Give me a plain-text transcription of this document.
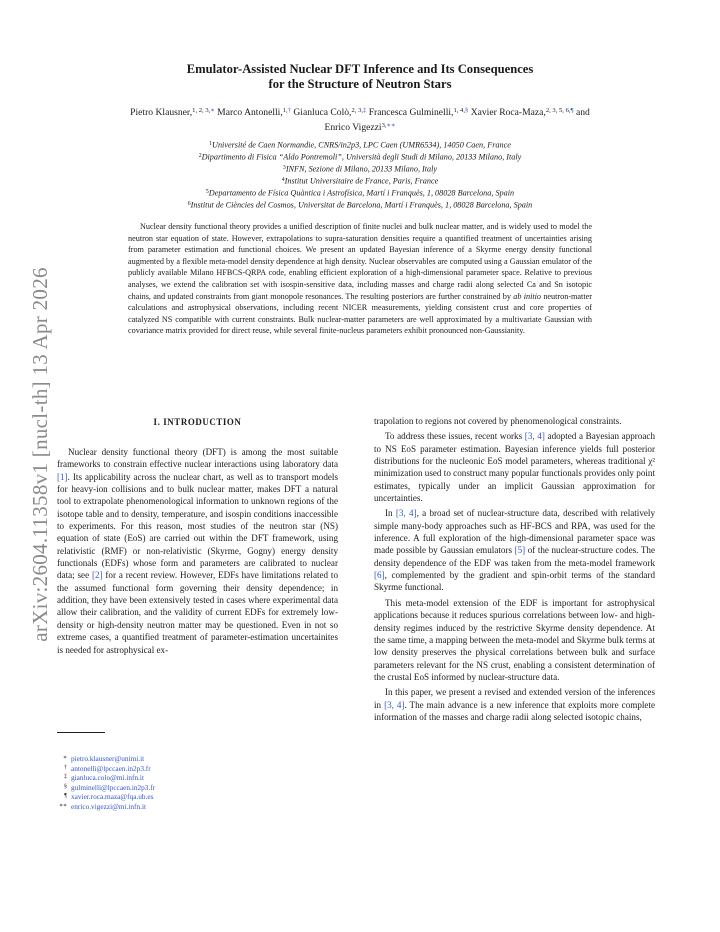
arXiv:2604.11358v1 [nucl-th] 13 Apr 2026
Emulator-Assisted Nuclear DFT Inference and Its Consequences
for the Structure of Neutron Stars
Pietro Klausner,$^{1, 2, 3,∗}$ Marco Antonelli,$^{1,\dagger}$ Gianluca Colò,$^{2, 3,\ddagger}$ Francesca Gulminelli,$^{1, 4,\S}$ Xavier Roca-Maza,$^{2, 3, 5, 6,\P}$ and Enrico Vigezzi$^{3,∗∗}$
$^1$Université de Caen Normandie, CNRS/in2p3, LPC Caen (UMR6534), 14050 Caen, France
$^2$Dipartimento di Fisica “Aldo Pontremoli”, Università degli Studi di Milano, 20133 Milano, Italy
$^3$INFN, Sezione di Milano, 20133 Milano, Italy
$^4$Institut Universitaire de France, Paris, France
$^5$Departamento de Física Quàntica i Astrofísica, Martí i Franquès, 1, 08028 Barcelona, Spain
$^6$Institut de Ciències del Cosmos, Universitat de Barcelona, Martí i Franquès, 1, 08028 Barcelona, Spain
Nuclear density functional theory provides a unified description of finite nuclei and bulk nuclear matter, and is widely used to model the neutron star equation of state. However, extrapolations to supra-saturation densities require a quantified treatment of uncertainties arising from parameter estimation and functional choices. We present an updated Bayesian inference of a Skyrme energy density functional augmented by a flexible meta-model density dependence at high density. Nuclear observables are computed using a Gaussian emulator of the publicly available Milano HFBCS-QRPA code, enabling efficient exploration of a high-dimensional parameter space. Relative to previous analyses, we extend the calibration set with isospin-sensitive data, including masses and charge radii along selected Ca and Sn isotopic chains, and updated constraints from giant monopole resonances. The resulting posteriors are further constrained by ab initio neutron-matter calculations and astrophysical observations, including recent NICER measurements, yielding consistent crust and core properties of catalyzed NS compatible with current constraints. Bulk nuclear-matter parameters are well approximated by a multivariate Gaussian with covariance matrix provided for direct reuse, while several finite-nucleus parameters exhibit pronounced non-Gaussianity.
I. INTRODUCTION

Nuclear density functional theory (DFT) is among the most suitable frameworks to constrain effective nuclear interactions using laboratory data [1]. Its applicability across the nuclear chart, as well as to transport models for heavy-ion collisions and to bulk nuclear matter, makes DFT a natural tool to extrapolate phenomenological information to unknown regions of the isotope table and to density, temperature, and isospin conditions inaccessible to experiments. For this reason, most studies of the neutron star (NS) equation of state (EoS) are carried out within the DFT framework, using relativistic (RMF) or non-relativistic (Skyrme, Gogny) energy density functionals (EDFs) whose form and parameters are calibrated to nuclear data; see [2] for a recent review. However, EDFs have limitations related to the assumed functional form governing their density dependence; in addition, they have been extensively tested in cases where experimental data allow their calibration, and the validity of current EDFs for extremely low-density or high-density neutron matter may be questioned. Even in not so extreme cases, a quantified treatment of parameter-estimation uncertainites is needed for astrophysical ex-

trapolation to regions not covered by phenomenological constraints.

To address these issues, recent works [3, 4] adopted a Bayesian approach to NS EoS parameter estimation. Bayesian inference yields full posterior distributions for the nucleonic EoS model parameters, whereas traditional χ² minimization used to construct many popular functionals provides only point estimates, typically under an implicit Gaussian approximation for uncertainties.

In [3, 4], a broad set of nuclear-structure data, described with relatively simple many-body approaches such as HF-BCS and RPA, was used for the inference. A full exploration of the high-dimensional parameter space was made possible by Gaussian emulators [5] of the nuclear-structure codes. The density dependence of the EDF was taken from the meta-model framework [6], complemented by the gradient and spin-orbit terms of the standard Skyrme functional.

This meta-model extension of the EDF is important for astrophysical applications because it reduces spurious correlations between low- and high-density regimes induced by the restrictive Skyrme density dependence. At the same time, a mapping between the meta-model and Skyrme bulk terms at low density preserves the physical correlations between bulk and surface parameters relevant for the NS crust, enabling a consistent determination of the crustal EoS informed by nuclear-structure data.

In this paper, we present a revised and extended version of the inferences in [3, 4]. The main advance is a new inference that exploits more complete information of the masses and charge radii along selected isotopic chains,

∗ pietro.klausner@unimi.it
† antonelli@lpccaen.in2p3.fr
‡ gianluca.colo@mi.infn.it
§ gulminelli@lpccaen.in2p3.fr
¶ xavier.roca.maza@fqa.ub.es
∗∗ enrico.vigezzi@mi.infn.it
